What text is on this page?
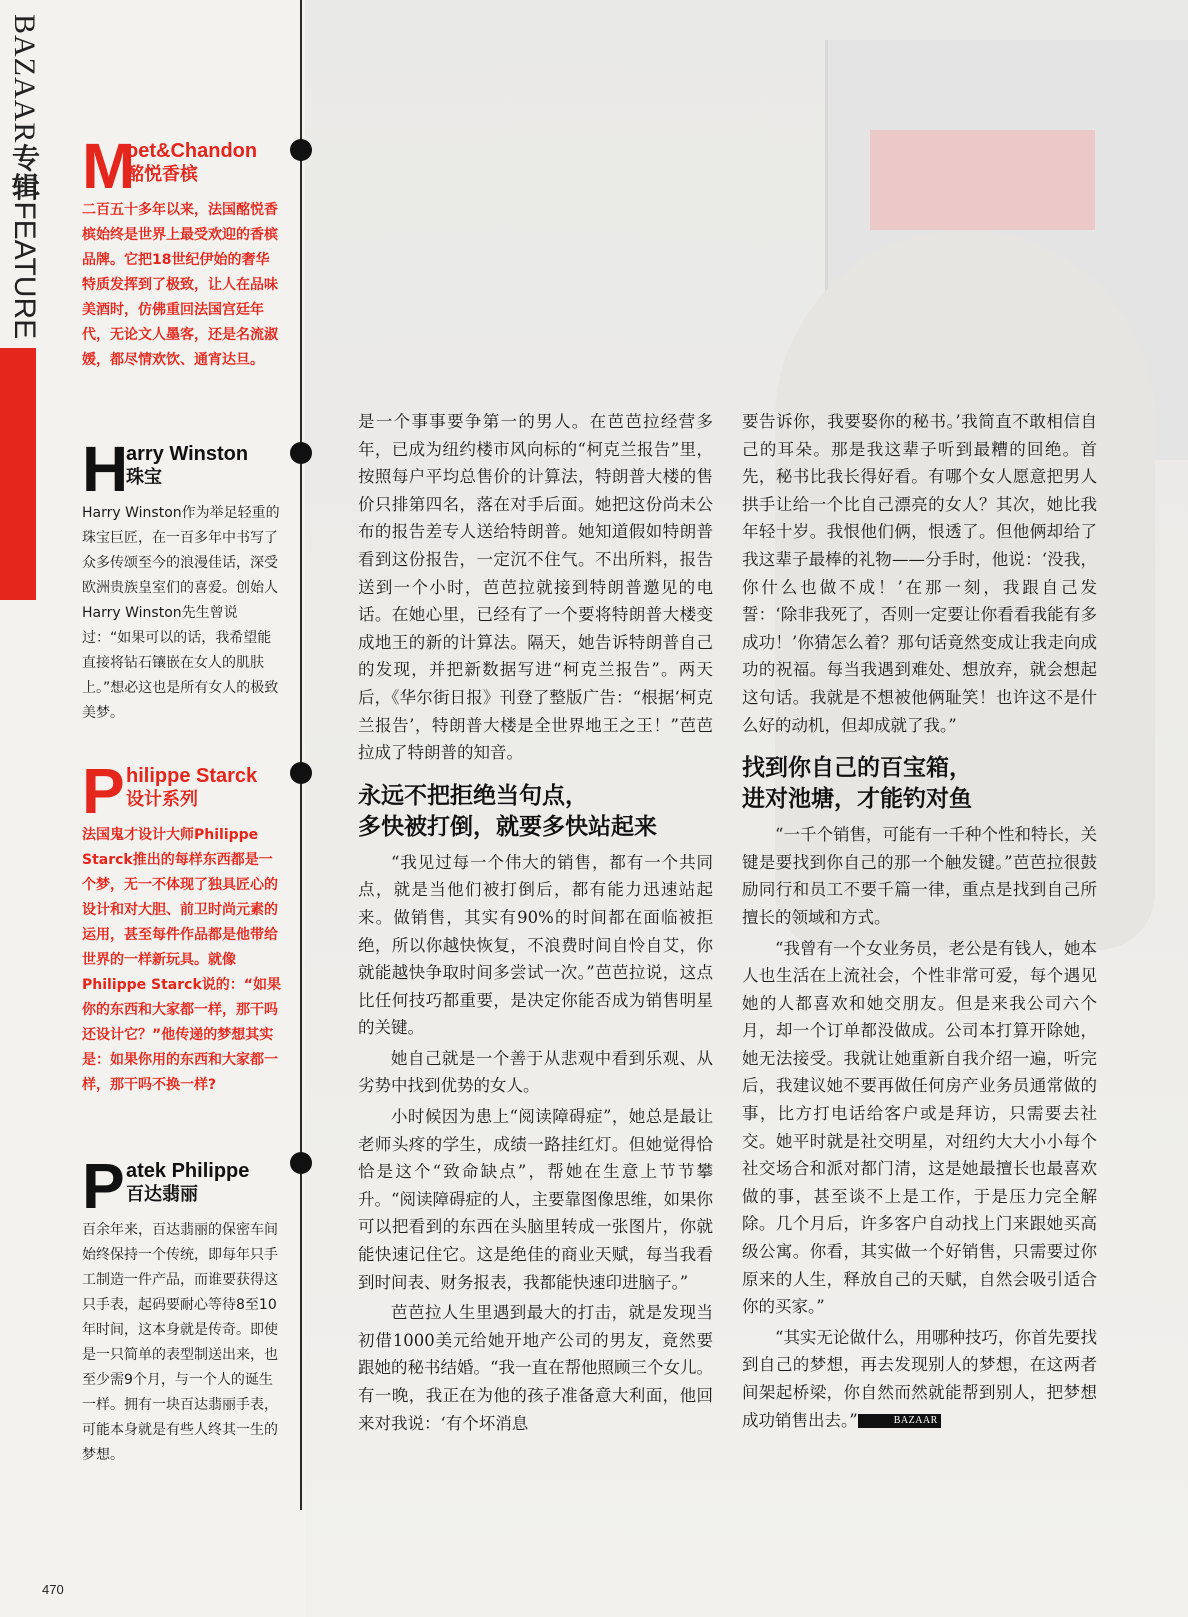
BAZAAR专辑FEATURE
M
oet&Chandon
酩悦香槟
二百五十多年以来，法国酩悦香槟始终是世界上最受欢迎的香槟品牌。它把18世纪伊始的奢华特质发挥到了极致，让人在品味美酒时，仿佛重回法国宫廷年代，无论文人墨客，还是名流淑媛，都尽情欢饮、通宵达旦。
H
arry Winston
珠宝
Harry Winston作为举足轻重的珠宝巨匠，在一百多年中书写了众多传颂至今的浪漫佳话，深受欧洲贵族皇室们的喜爱。创始人Harry Winston先生曾说过：“如果可以的话，我希望能直接将钻石镶嵌在女人的肌肤上。”想必这也是所有女人的极致美梦。
P hilippe Starck
设计系列
法国鬼才设计大师Philippe Starck推出的每样东西都是一个梦，无一不体现了独具匠心的设计和对大胆、前卫时尚元素的运用，甚至每件作品都是他带给世界的一样新玩具。就像Philippe Starck说的：“如果你的东西和大家都一样，那干吗还设计它？”他传递的梦想其实是：如果你用的东西和大家都一样，那干吗不换一样?
P atek Philippe
百达翡丽
百余年来，百达翡丽的保密车间始终保持一个传统，即每年只手工制造一件产品，而谁要获得这只手表，起码要耐心等待8至10年时间，这本身就是传奇。即使是一只简单的表型制送出来，也至少需9个月，与一个人的诞生一样。拥有一块百达翡丽手表，可能本身就是有些人终其一生的梦想。

是一个事事要争第一的男人。在芭芭拉经营多年，已成为纽约楼市风向标的“柯克兰报告”里，按照每户平均总售价的计算法，特朗普大楼的售价只排第四名，落在对手后面。她把这份尚未公布的报告差专人送给特朗普。她知道假如特朗普看到这份报告，一定沉不住气。不出所料，报告送到一个小时，芭芭拉就接到特朗普邀见的电话。在她心里，已经有了一个要将特朗普大楼变成地王的新的计算法。隔天，她告诉特朗普自己的发现，并把新数据写进“柯克兰报告”。两天后，《华尔街日报》刊登了整版广告：“根据‘柯克兰报告’，特朗普大楼是全世界地王之王！”芭芭拉成了特朗普的知音。

永远不把拒绝当句点，
多快被打倒，就要多快站起来

“我见过每一个伟大的销售，都有一个共同点，就是当他们被打倒后，都有能力迅速站起来。做销售，其实有90%的时间都在面临被拒绝，所以你越快恢复，不浪费时间自怜自艾，你就能越快争取时间多尝试一次。”芭芭拉说，这点比任何技巧都重要，是决定你能否成为销售明星的关键。

她自己就是一个善于从悲观中看到乐观、从劣势中找到优势的女人。

小时候因为患上“阅读障碍症”，她总是最让老师头疼的学生，成绩一路挂红灯。但她觉得恰恰是这个“致命缺点”，帮她在生意上节节攀升。“阅读障碍症的人，主要靠图像思维，如果你可以把看到的东西在头脑里转成一张图片，你就能快速记住它。这是绝佳的商业天赋，每当我看到时间表、财务报表，我都能快速印进脑子。”

芭芭拉人生里遇到最大的打击，就是发现当初借1000美元给她开地产公司的男友，竟然要跟她的秘书结婚。“我一直在帮他照顾三个女儿。有一晚，我正在为他的孩子准备意大利面，他回来对我说：‘有个坏消息

要告诉你，我要娶你的秘书。’我简直不敢相信自己的耳朵。那是我这辈子听到最糟的回绝。首先，秘书比我长得好看。有哪个女人愿意把男人拱手让给一个比自己漂亮的女人？其次，她比我年轻十岁。我恨他们俩，恨透了。但他俩却给了我这辈子最棒的礼物——分手时，他说：‘没我，你什么也做不成！’在那一刻，我跟自己发誓：‘除非我死了，否则一定要让你看看我能有多成功！’你猜怎么着？那句话竟然变成让我走向成功的祝福。每当我遇到难处、想放弃，就会想起这句话。我就是不想被他俩耻笑！也许这不是什么好的动机，但却成就了我。”

找到你自己的百宝箱，
进对池塘，才能钓对鱼

“一千个销售，可能有一千种个性和特长，关键是要找到你自己的那一个触发键。”芭芭拉很鼓励同行和员工不要千篇一律，重点是找到自己所擅长的领域和方式。

“我曾有一个女业务员，老公是有钱人，她本人也生活在上流社会，个性非常可爱，每个遇见她的人都喜欢和她交朋友。但是来我公司六个月，却一个订单都没做成。公司本打算开除她，她无法接受。我就让她重新自我介绍一遍，听完后，我建议她不要再做任何房产业务员通常做的事，比方打电话给客户或是拜访，只需要去社交。她平时就是社交明星，对纽约大大小小每个社交场合和派对都门清，这是她最擅长也最喜欢做的事，甚至谈不上是工作，于是压力完全解除。几个月后，许多客户自动找上门来跟她买高级公寓。你看，其实做一个好销售，只需要过你原来的人生，释放自己的天赋，自然会吸引适合你的买家。”

“其实无论做什么，用哪种技巧，你首先要找到自己的梦想，再去发现别人的梦想，在这两者间架起桥梁，你自然而然就能帮到别人，把梦想成功销售出去。”	BAZAAR

470
